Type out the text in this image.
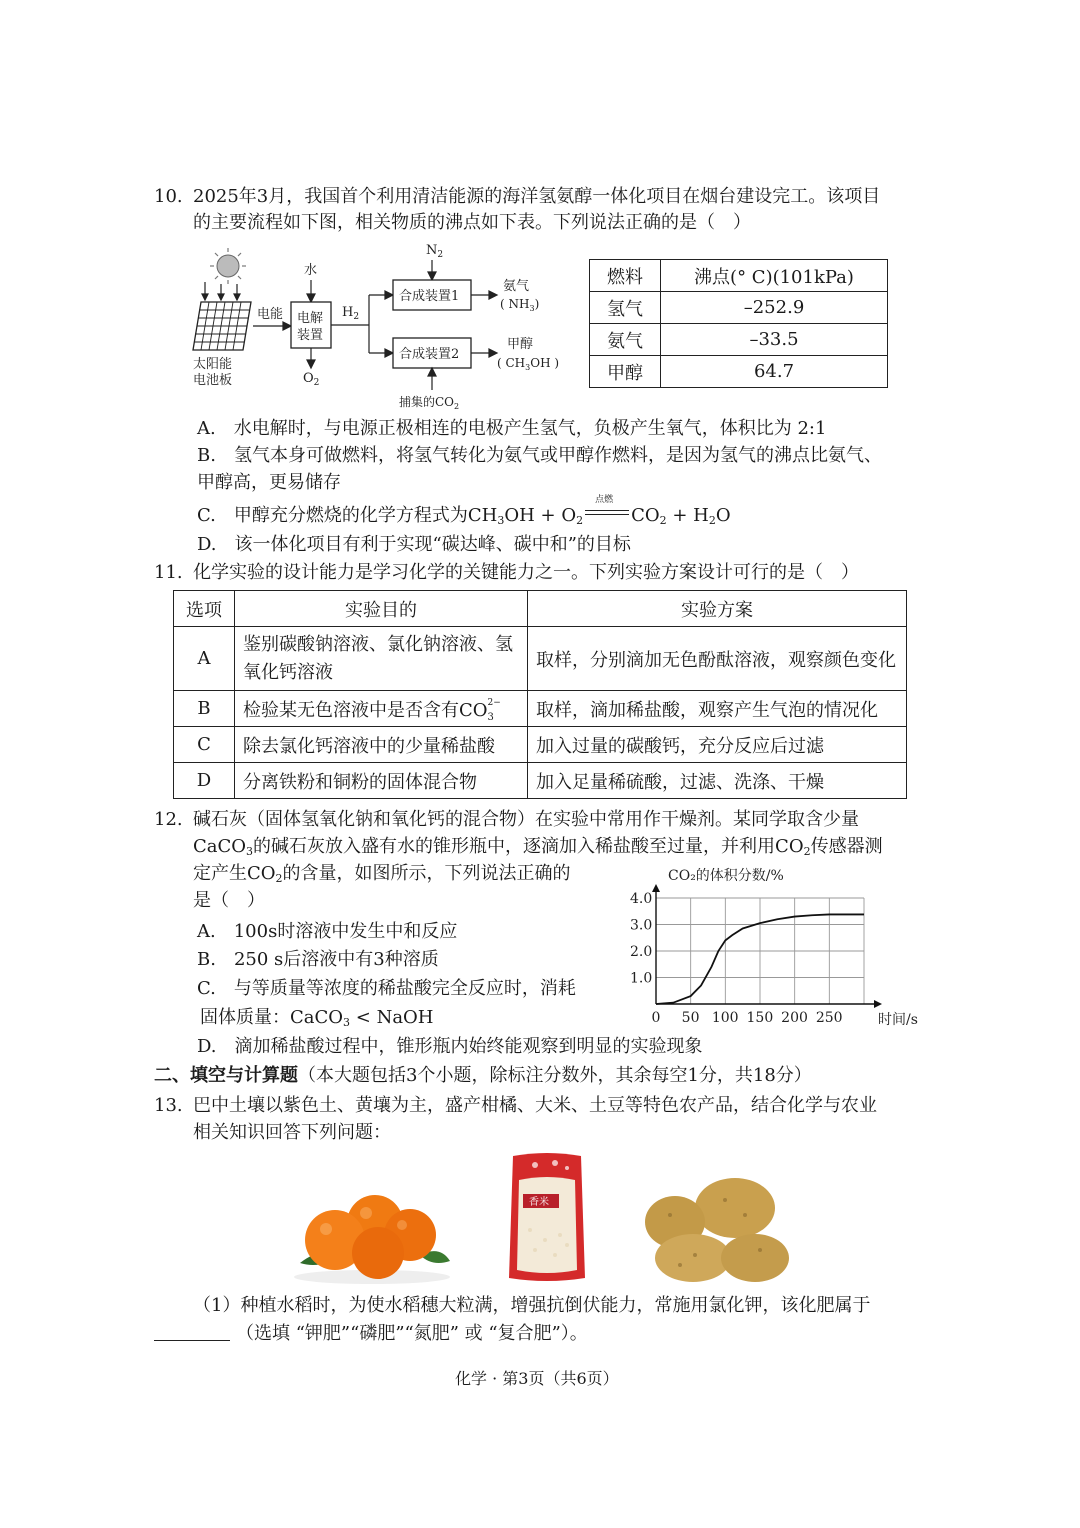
10. 2025年3月，我国首个利用清洁能源的海洋氢氨醇一体化项目在烟台建设完工。该项目
的主要流程如下图，相关物质的沸点如下表。下列说法正确的是（　）
太阳能
电池板
电能
水
电解
装置
$O_2$
$H_2$
$N_2$
合成装置1
氨气
( $NH_3$)
合成装置2
甲醇
( $CH_3OH$ )
捕集的$CO_2$
燃料	沸点(° C)(101kPa)
氢气	–252.9
氨气	–33.5
甲醇	64.7
A.　水电解时，与电源正极相连的电极产生氢气，负极产生氧气，体积比为 2:1
B.　氢气本身可做燃料，将氢气转化为氨气或甲醇作燃料，是因为氢气的沸点比氨气、
甲醇高，更易储存
C.　甲醇充分燃烧的化学方程式为$CH_3OH + O_2$
点燃
$CO_2 + H_2O$
D.　该一体化项目有利于实现“碳达峰、碳中和”的目标
11. 化学实验的设计能力是学习化学的关键能力之一。下列实验方案设计可行的是（　）
选项	实验目的	实验方案
A	鉴别碳酸钠溶液、氯化钠溶液、氢
氧化钙溶液	取样，分别滴加无色酚酞溶液，观察颜色变化
B	检验某无色溶液中是否含有CO 3
2−	取样，滴加稀盐酸，观察产生气泡的情况化
C	除去氯化钙溶液中的少量稀盐酸	加入过量的碳酸钙，充分反应后过滤
D	分离铁粉和铜粉的固体混合物	加入足量稀硫酸，过滤、洗涤、干燥
12. 碱石灰（固体氢氧化钠和氧化钙的混合物）在实验中常用作干燥剂。某同学取含少量
CaCO$_3$的碱石灰放入盛有水的锥形瓶中，逐滴加入稀盐酸至过量，并利用$CO_2$传感器测
定产生$CO_2$的含量，如图所示，下列说法正确的
是（　）
A.　100s时溶液中发生中和反应
B.　250 s后溶液中有3种溶质
C.　与等质量等浓度的稀盐酸完全反应时，消耗
固体质量：CaCO$_3$ < NaOH
D.　滴加稀盐酸过程中，锥形瓶内始终能观察到明显的实验现象
CO₂的体积分数/%
1.0
2.0
3.0
4.0
0 50 100 150 200 250	时间/s
二、填空与计算题（本大题包括3个小题，除标注分数外，其余每空1分，共18分）
13. 巴中土壤以紫色土、黄壤为主，盛产柑橘、大米、土豆等特色农产品，结合化学与农业
相关知识回答下列问题：
香米
（1）种植水稻时，为使水稻穗大粒满，增强抗倒伏能力，常施用氯化钾，该化肥属于
（选填 “钾肥”“磷肥”“氮肥” 或 “复合肥”）。
化学 · 第3页（共6页）
